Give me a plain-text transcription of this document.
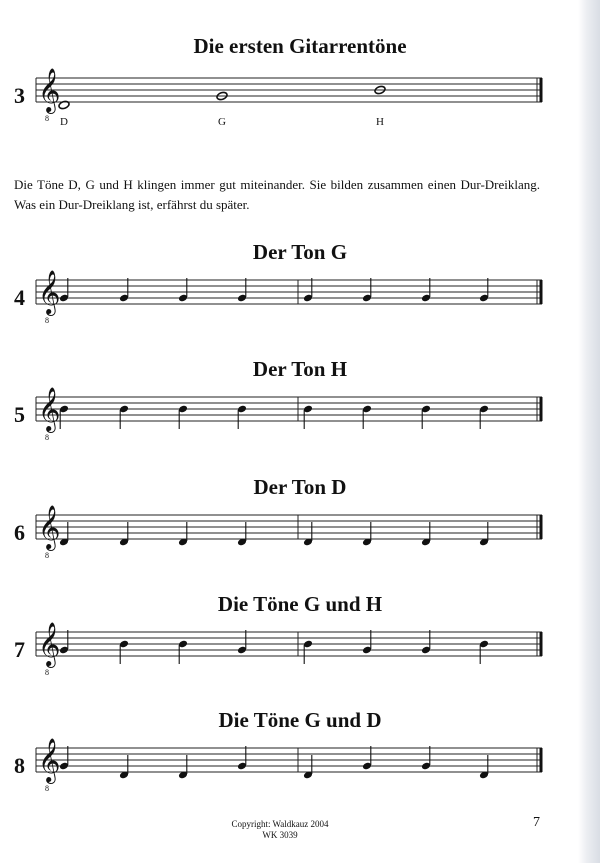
Die ersten Gitarrentöne
3 𝄞
8 D	G	H

Die Töne D, G und H klingen immer gut miteinander. Sie bilden zusammen einen Dur-Dreiklang. Was ein Dur-Dreiklang ist, erfährst du später.

Der Ton G
4 𝄞
8
Der Ton H
5 𝄞
8
Der Ton D
6 𝄞
8
Die Töne G und H
7 𝄞
8
Die Töne G und D
8 𝄞
8
Copyright: Waldkauz 2004
WK 3039
7
